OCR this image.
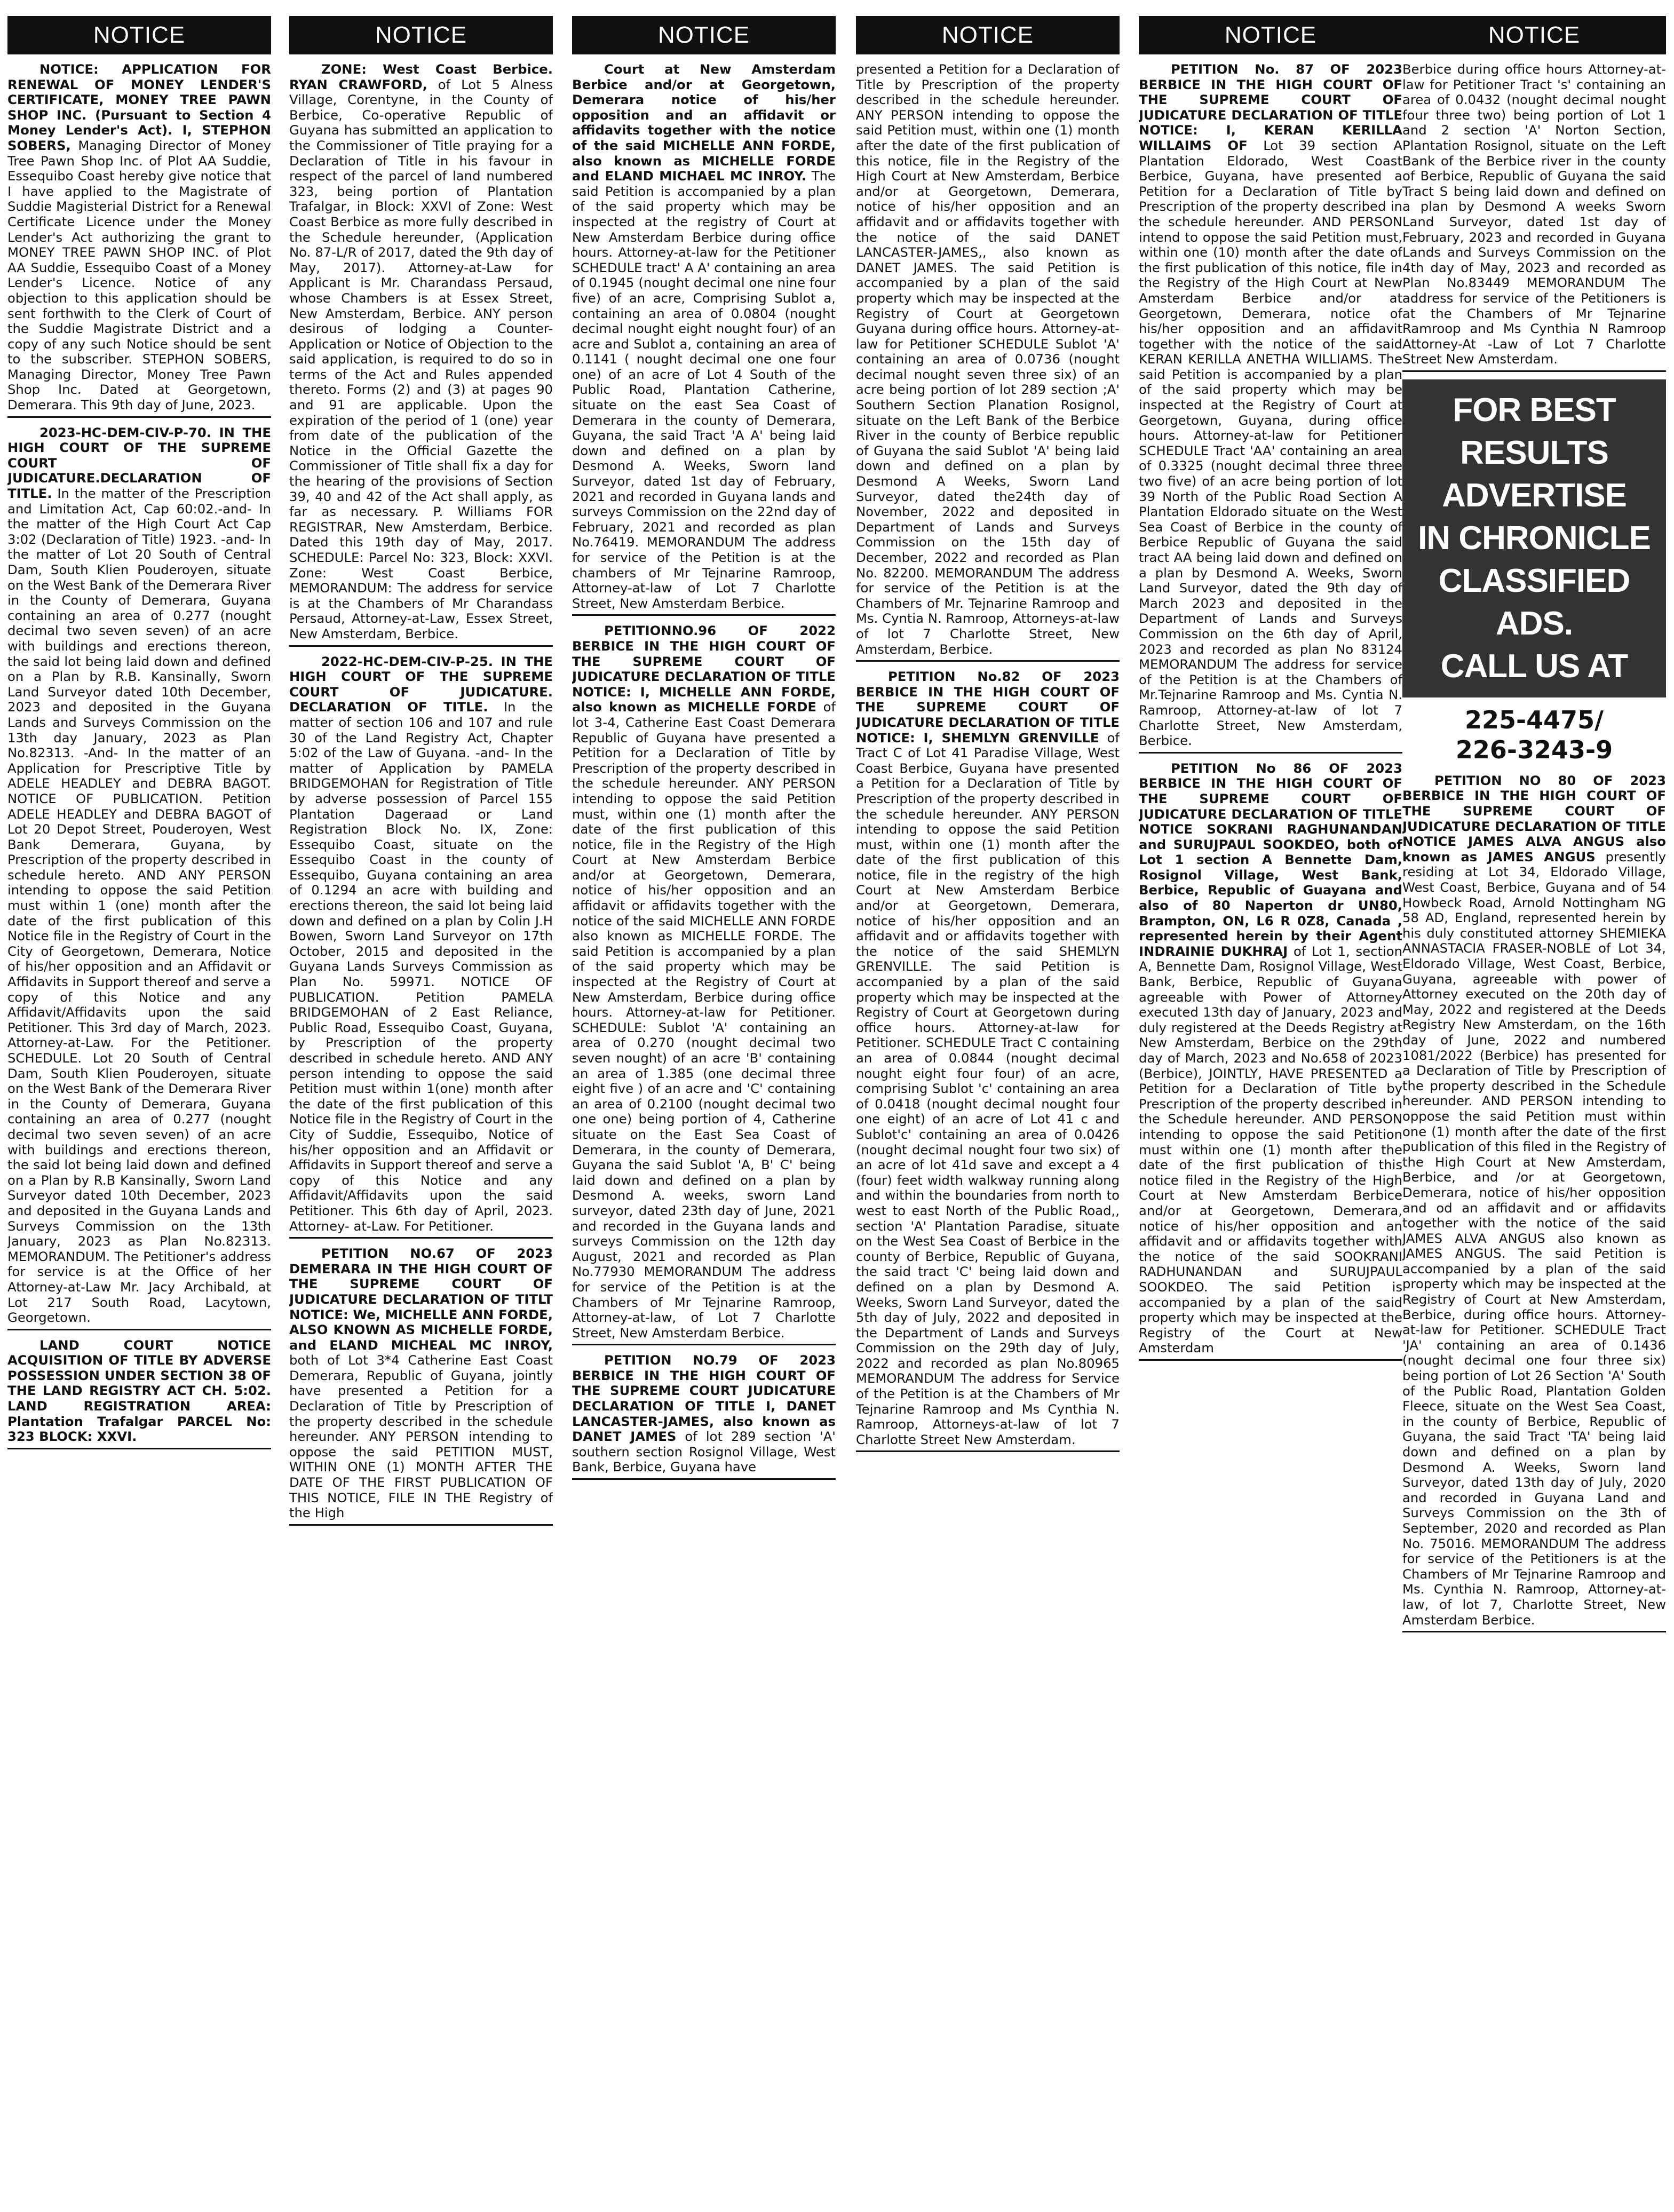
NOTICE
NOTICE: APPLICATION FOR RENEWAL OF MONEY LENDER'S CERTIFICATE, MONEY TREE PAWN SHOP INC. (Pursuant to Section 4 Money Lender's Act). I, STEPHON SOBERS, Managing Director of Money Tree Pawn Shop Inc. of Plot AA Suddie, Essequibo Coast hereby give notice that I have applied to the Magistrate of Suddie Magisterial District for a Renewal Certificate Licence under the Money Lender's Act authorizing the grant to MONEY TREE PAWN SHOP INC. of Plot AA Suddie, Essequibo Coast of a Money Lender's Licence. Notice of any objection to this application should be sent forthwith to the Clerk of Court of the Suddie Magistrate District and a copy of any such Notice should be sent to the subscriber. STEPHON SOBERS, Managing Director, Money Tree Pawn Shop Inc. Dated at Georgetown, Demerara. This 9th day of June, 2023.
2023-HC-DEM-CIV-P-70. IN THE HIGH COURT OF THE SUPREME COURT OF JUDICATURE.DECLARATION OF TITLE. In the matter of the Prescription and Limitation Act, Cap 60:02.-and- In the matter of the High Court Act Cap 3:02 (Declaration of Title) 1923. -and- In the matter of Lot 20 South of Central Dam, South Klien Pouderoyen, situate on the West Bank of the Demerara River in the County of Demerara, Guyana containing an area of 0.277 (nought decimal two seven seven) of an acre with buildings and erections thereon, the said lot being laid down and defined on a Plan by R.B. Kansinally, Sworn Land Surveyor dated 10th December, 2023 and deposited in the Guyana Lands and Surveys Commission on the 13th day January, 2023 as Plan No.82313. -And- In the matter of an Application for Prescriptive Title by ADELE HEADLEY and DEBRA BAGOT. NOTICE OF PUBLICATION. Petition ADELE HEADLEY and DEBRA BAGOT of Lot 20 Depot Street, Pouderoyen, West Bank Demerara, Guyana, by Prescription of the property described in schedule hereto. AND ANY PERSON intending to oppose the said Petition must within 1 (one) month after the date of the first publication of this Notice file in the Registry of Court in the City of Georgetown, Demerara, Notice of his/her opposition and an Affidavit or Affidavits in Support thereof and serve a copy of this Notice and any Affidavit/Affidavits upon the said Petitioner. This 3rd day of March, 2023. Attorney-at-Law. For the Petitioner. SCHEDULE. Lot 20 South of Central Dam, South Klien Pouderoyen, situate on the West Bank of the Demerara River in the County of Demerara, Guyana containing an area of 0.277 (nought decimal two seven seven) of an acre with buildings and erections thereon, the said lot being laid down and defined on a Plan by R.B Kansinally, Sworn Land Surveyor dated 10th December, 2023 and deposited in the Guyana Lands and Surveys Commission on the 13th January, 2023 as Plan No.82313. MEMORANDUM. The Petitioner's address for service is at the Office of her Attorney-at-Law Mr. Jacy Archibald, at Lot 217 South Road, Lacytown, Georgetown.
LAND COURT NOTICE ACQUISITION OF TITLE BY ADVERSE POSSESSION UNDER SECTION 38 OF THE LAND REGISTRY ACT CH. 5:02. LAND REGISTRATION AREA: Plantation Trafalgar PARCEL No: 323 BLOCK: XXVI.
NOTICE
ZONE: West Coast Berbice. RYAN CRAWFORD, of Lot 5 Alness Village, Corentyne, in the County of Berbice, Co-operative Republic of Guyana has submitted an application to the Commissioner of Title praying for a Declaration of Title in his favour in respect of the parcel of land numbered 323, being portion of Plantation Trafalgar, in Block: XXVI of Zone: West Coast Berbice as more fully described in the Schedule hereunder, (Application No. 87-L/R of 2017, dated the 9th day of May, 2017). Attorney-at-Law for Applicant is Mr. Charandass Persaud, whose Chambers is at Essex Street, New Amsterdam, Berbice. ANY person desirous of lodging a Counter-Application or Notice of Objection to the said application, is required to do so in terms of the Act and Rules appended thereto. Forms (2) and (3) at pages 90 and 91 are applicable. Upon the expiration of the period of 1 (one) year from date of the publication of the Notice in the Official Gazette the Commissioner of Title shall fix a day for the hearing of the provisions of Section 39, 40 and 42 of the Act shall apply, as far as necessary. P. Williams FOR REGISTRAR, New Amsterdam, Berbice. Dated this 19th day of May, 2017. SCHEDULE: Parcel No: 323, Block: XXVI. Zone: West Coast Berbice, MEMORANDUM: The address for service is at the Chambers of Mr Charandass Persaud, Attorney-at-Law, Essex Street, New Amsterdam, Berbice.
2022-HC-DEM-CIV-P-25. IN THE HIGH COURT OF THE SUPREME COURT OF JUDICATURE. DECLARATION OF TITLE. In the matter of section 106 and 107 and rule 30 of the Land Registry Act, Chapter 5:02 of the Law of Guyana. -and- In the matter of Application by PAMELA BRIDGEMOHAN for Registration of Title by adverse possession of Parcel 155 Plantation Dageraad or Land Registration Block No. IX, Zone: Essequibo Coast, situate on the Essequibo Coast in the county of Essequibo, Guyana containing an area of 0.1294 an acre with building and erections thereon, the said lot being laid down and defined on a plan by Colin J.H Bowen, Sworn Land Surveyor on 17th October, 2015 and deposited in the Guyana Lands Surveys Commission as Plan No. 59971. NOTICE OF PUBLICATION. Petition PAMELA BRIDGEMOHAN of 2 East Reliance, Public Road, Essequibo Coast, Guyana, by Prescription of the property described in schedule hereto. AND ANY person intending to oppose the said Petition must within 1(one) month after the date of the first publication of this Notice file in the Registry of Court in the City of Suddie, Essequibo, Notice of his/her opposition and an Affidavit or Affidavits in Support thereof and serve a copy of this Notice and any Affidavit/Affidavits upon the said Petitioner. This 6th day of April, 2023. Attorney- at-Law. For Petitioner.
PETITION NO.67 OF 2023 DEMERARA IN THE HIGH COURT OF THE SUPREME COURT OF JUDICATURE DECLARATION OF TITLT NOTICE: We, MICHELLE ANN FORDE, ALSO KNOWN AS MICHELLE FORDE, and ELAND MICHEAL MC INROY, both of Lot 3*4 Catherine East Coast Demerara, Republic of Guyana, jointly have presented a Petition for a Declaration of Title by Prescription of the property described in the schedule hereunder. ANY PERSON intending to oppose the said PETITION MUST, WITHIN ONE (1) MONTH AFTER THE DATE OF THE FIRST PUBLICATION OF THIS NOTICE, FILE IN THE Registry of the High
NOTICE
Court at New Amsterdam Berbice and/or at Georgetown, Demerara notice of his/her opposition and an affidavit or affidavits together with the notice of the said MICHELLE ANN FORDE, also known as MICHELLE FORDE and ELAND MICHAEL MC INROY. The said Petition is accompanied by a plan of the said property which may be inspected at the registry of Court at New Amsterdam Berbice during office hours. Attorney-at-law for the Petitioner SCHEDULE tract' A A' containing an area of 0.1945 (nought decimal one nine four five) of an acre, Comprising Sublot a, containing an area of 0.0804 (nought decimal nought eight nought four) of an acre and Sublot a, containing an area of 0.1141 ( nought decimal one one four one) of an acre of Lot 4 South of the Public Road, Plantation Catherine, situate on the east Sea Coast of Demerara in the county of Demerara, Guyana, the said Tract 'A A' being laid down and defined on a plan by Desmond A. Weeks, Sworn land Surveyor, dated 1st day of February, 2021 and recorded in Guyana lands and surveys Commission on the 22nd day of February, 2021 and recorded as plan No.76419. MEMORANDUM The address for service of the Petition is at the chambers of Mr Tejnarine Ramroop, Attorney-at-law of Lot 7 Charlotte Street, New Amsterdam Berbice.
PETITIONNO.96 OF 2022 BERBICE IN THE HIGH COURT OF THE SUPREME COURT OF JUDICATURE DECLARATION OF TITLE NOTICE: I, MICHELLE ANN FORDE, also known as MICHELLE FORDE of lot 3-4, Catherine East Coast Demerara Republic of Guyana have presented a Petition for a Declaration of Title by Prescription of the property described in the schedule hereunder. ANY PERSON intending to oppose the said Petition must, within one (1) month after the date of the first publication of this notice, file in the Registry of the High Court at New Amsterdam Berbice and/or at Georgetown, Demerara, notice of his/her opposition and an affidavit or affidavits together with the notice of the said MICHELLE ANN FORDE also known as MICHELLE FORDE. The said Petition is accompanied by a plan of the said property which may be inspected at the Registry of Court at New Amsterdam, Berbice during office hours. Attorney-at-law for Petitioner. SCHEDULE: Sublot 'A' containing an area of 0.270 (nought decimal two seven nought) of an acre 'B' containing an area of 1.385 (one decimal three eight five ) of an acre and 'C' containing an area of 0.2100 (nought decimal two one one) being portion of 4, Catherine situate on the East Sea Coast of Demerara, in the county of Demerara, Guyana the said Sublot 'A, B' C' being laid down and defined on a plan by Desmond A. weeks, sworn Land surveyor, dated 23th day of June, 2021 and recorded in the Guyana lands and surveys Commission on the 12th day August, 2021 and recorded as Plan No.77930 MEMORANDUM The address for service of the Petition is at the Chambers of Mr Tejnarine Ramroop, Attorney-at-law, of Lot 7 Charlotte Street, New Amsterdam Berbice.
PETITION NO.79 OF 2023 BERBICE IN THE HIGH COURT OF THE SUPREME COURT JUDICATURE DECLARATION OF TITLE I, DANET LANCASTER-JAMES, also known as DANET JAMES of lot 289 section 'A' southern section Rosignol Village, West Bank, Berbice, Guyana have
NOTICE
presented a Petition for a Declaration of Title by Prescription of the property described in the schedule hereunder. ANY PERSON intending to oppose the said Petition must, within one (1) month after the date of the first publication of this notice, file in the Registry of the High Court at New Amsterdam, Berbice and/or at Georgetown, Demerara, notice of his/her opposition and an affidavit and or affidavits together with the notice of the said DANET LANCASTER-JAMES,, also known as DANET JAMES. The said Petition is accompanied by a plan of the said property which may be inspected at the Registry of Court at Georgetown Guyana during office hours. Attorney-at-law for Petitioner SCHEDULE Sublot 'A' containing an area of 0.0736 (nought decimal nought seven three six) of an acre being portion of lot 289 section ;A' Southern Section Planation Rosignol, situate on the Left Bank of the Berbice River in the county of Berbice republic of Guyana the said Sublot 'A' being laid down and defined on a plan by Desmond A Weeks, Sworn Land Surveyor, dated the24th day of November, 2022 and deposited in Department of Lands and Surveys Commission on the 15th day of December, 2022 and recorded as Plan No. 82200. MEMORANDUM The address for service of the Petition is at the Chambers of Mr. Tejnarine Ramroop and Ms. Cyntia N. Ramroop, Attorneys-at-law of lot 7 Charlotte Street, New Amsterdam, Berbice.
PETITION No.82 OF 2023 BERBICE IN THE HIGH COURT OF THE SUPREME COURT OF JUDICATURE DECLARATION OF TITLE NOTICE: I, SHEMLYN GRENVILLE of Tract C of Lot 41 Paradise Village, West Coast Berbice, Guyana have presented a Petition for a Declaration of Title by Prescription of the property described in the schedule hereunder. ANY PERSON intending to oppose the said Petition must, within one (1) month after the date of the first publication of this notice, file in the registry of the high Court at New Amsterdam Berbice and/or at Georgetown, Demerara, notice of his/her opposition and an affidavit and or affidavits together with the notice of the said SHEMLYN GRENVILLE. The said Petition is accompanied by a plan of the said property which may be inspected at the Registry of Court at Georgetown during office hours. Attorney-at-law for Petitioner. SCHEDULE Tract C containing an area of 0.0844 (nought decimal nought eight four four) of an acre, comprising Sublot 'c' containing an area of 0.0418 (nought decimal nought four one eight) of an acre of Lot 41 c and Sublot'c' containing an area of 0.0426 (nought decimal nought four two six) of an acre of lot 41d save and except a 4 (four) feet width walkway running along and within the boundaries from north to west to east North of the Public Road,, section 'A' Plantation Paradise, situate on the West Sea Coast of Berbice in the county of Berbice, Republic of Guyana, the said tract 'C' being laid down and defined on a plan by Desmond A. Weeks, Sworn Land Surveyor, dated the 5th day of July, 2022 and deposited in the Department of Lands and Surveys Commission on the 29th day of July, 2022 and recorded as plan No.80965 MEMORANDUM The address for Service of the Petition is at the Chambers of Mr Tejnarine Ramroop and Ms Cynthia N. Ramroop, Attorneys-at-law of lot 7 Charlotte Street New Amsterdam.
NOTICE
PETITION No. 87 OF 2023 BERBICE IN THE HIGH COURT OF THE SUPREME COURT OF JUDICATURE DECLARATION OF TITLE NOTICE: I, KERAN KERILLA WILLAIMS OF Lot 39 section A Plantation Eldorado, West Coast Berbice, Guyana, have presented a Petition for a Declaration of Title by Prescription of the property described in the schedule hereunder. AND PERSON intend to oppose the said Petition must, within one (10) month after the date of the first publication of this notice, file in the Registry of the High Court at New Amsterdam Berbice and/or at Georgetown, Demerara, notice of his/her opposition and an affidavit together with the notice of the said KERAN KERILLA ANETHA WILLIAMS. The said Petition is accompanied by a plan of the said property which may be inspected at the Registry of Court at Georgetown, Guyana, during office hours. Attorney-at-law for Petitioner SCHEDULE Tract 'AA' containing an area of 0.3325 (nought decimal three three two five) of an acre being portion of lot 39 North of the Public Road Section A Plantation Eldorado situate on the West Sea Coast of Berbice in the county of Berbice Republic of Guyana the said tract AA being laid down and defined on a plan by Desmond A. Weeks, Sworn Land Surveyor, dated the 9th day of March 2023 and deposited in the Department of Lands and Surveys Commission on the 6th day of April, 2023 and recorded as plan No 83124 MEMORANDUM The address for service of the Petition is at the Chambers of Mr.Tejnarine Ramroop and Ms. Cyntia N. Ramroop, Attorney-at-law of lot 7 Charlotte Street, New Amsterdam, Berbice.
PETITION No 86 OF 2023 BERBICE IN THE HIGH COURT OF THE SUPREME COURT OF JUDICATURE DECLARATION OF TITLE NOTICE SOKRANI RAGHUNANDAN and SURUJPAUL SOOKDEO, both of Lot 1 section A Bennette Dam, Rosignol Village, West Bank, Berbice, Republic of Guayana and also of 80 Naperton dr UN80, Brampton, ON, L6 R 0Z8, Canada , represented herein by their Agent INDRAINIE DUKHRAJ of Lot 1, section A, Bennette Dam, Rosignol Village, West Bank, Berbice, Republic of Guyana agreeable with Power of Attorney executed 13th day of January, 2023 and duly registered at the Deeds Registry at New Amsterdam, Berbice on the 29th day of March, 2023 and No.658 of 2023 (Berbice), JOINTLY, HAVE PRESENTED a Petition for a Declaration of Title by Prescription of the property described in the Schedule hereunder. AND PERSON intending to oppose the said Petition must within one (1) month after the date of the first publication of this notice filed in the Registry of the High Court at New Amsterdam Berbice and/or at Georgetown, Demerara, notice of his/her opposition and an affidavit and or affidavits together with the notice of the said SOOKRANI RADHUNANDAN and SURUJPAUL SOOKDEO. The said Petition is accompanied by a plan of the said property which may be inspected at the Registry of the Court at New Amsterdam
NOTICE
Berbice during office hours Attorney-at-law for Petitioner Tract 's' containing an area of 0.0432 (nought decimal nought four three two) being portion of Lot 1 and 2 section 'A' Norton Section, Plantation Rosignol, situate on the Left Bank of the Berbice river in the county of Berbice, Republic of Guyana the said Tract S being laid down and defined on a plan by Desmond A weeks Sworn Land Surveyor, dated 1st day of February, 2023 and recorded in Guyana Lands and Surveys Commission on the 4th day of May, 2023 and recorded as Plan No.83449 MEMORANDUM The address for service of the Petitioners is at the Chambers of Mr Tejnarine Ramroop and Ms Cynthia N Ramroop Attorney-At -Law of Lot 7 Charlotte Street New Amsterdam.
FOR BEST RESULTS
ADVERTISE
IN CHRONICLE
CLASSIFIED ADS.
CALL US AT
225-4475/
226-3243-9
PETITION NO 80 OF 2023 BERBICE IN THE HIGH COURT OF THE SUPREME COURT OF JUDICATURE DECLARATION OF TITLE NOTICE JAMES ALVA ANGUS also known as JAMES ANGUS presently residing at Lot 34, Eldorado Village, West Coast, Berbice, Guyana and of 54 Howbeck Road, Arnold Nottingham NG 58 AD, England, represented herein by his duly constituted attorney SHEMIEKA ANNASTACIA FRASER-NOBLE of Lot 34, Eldorado Village, West Coast, Berbice, Guyana, agreeable with power of Attorney executed on the 20th day of May, 2022 and registered at the Deeds Registry New Amsterdam, on the 16th day of June, 2022 and numbered 1081/2022 (Berbice) has presented for a Declaration of Title by Prescription of the property described in the Schedule hereunder. AND PERSON intending to oppose the said Petition must within one (1) month after the date of the first publication of this filed in the Registry of the High Court at New Amsterdam, Berbice, and /or at Georgetown, Demerara, notice of his/her opposition and od an affidavit and or affidavits together with the notice of the said JAMES ALVA ANGUS also known as JAMES ANGUS. The said Petition is accompanied by a plan of the said property which may be inspected at the Registry of Court at New Amsterdam, Berbice, during office hours. Attorney-at-law for Petitioner. SCHEDULE Tract 'JA' containing an area of 0.1436 (nought decimal one four three six) being portion of Lot 26 Section 'A' South of the Public Road, Plantation Golden Fleece, situate on the West Sea Coast, in the county of Berbice, Republic of Guyana, the said Tract 'TA' being laid down and defined on a plan by Desmond A. Weeks, Sworn land Surveyor, dated 13th day of July, 2020 and recorded in Guyana Land and Surveys Commission on the 3th of September, 2020 and recorded as Plan No. 75016. MEMORANDUM The address for service of the Petitioners is at the Chambers of Mr Tejnarine Ramroop and Ms. Cynthia N. Ramroop, Attorney-at-law, of lot 7, Charlotte Street, New Amsterdam Berbice.
